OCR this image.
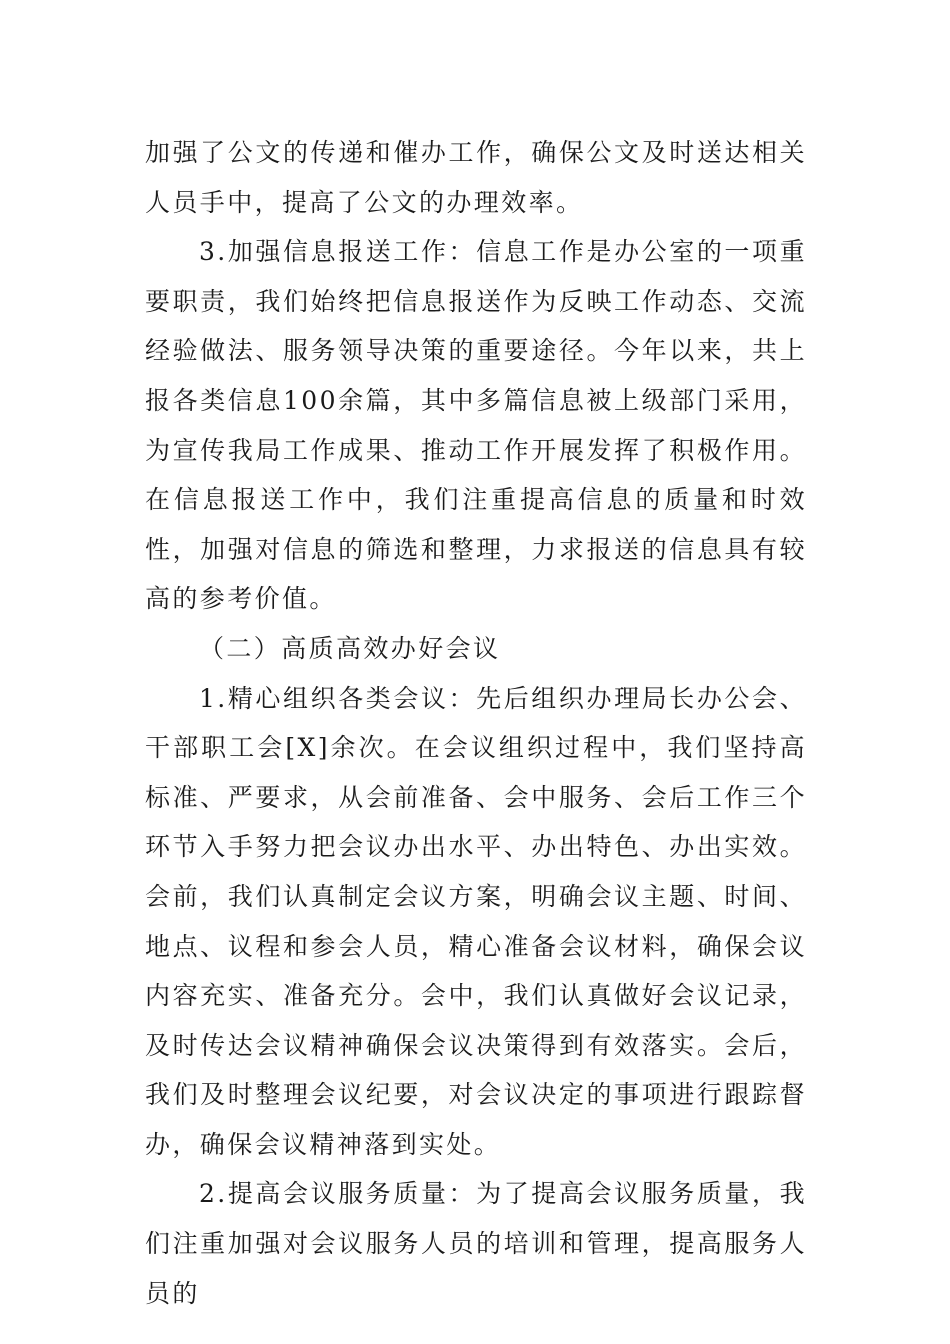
加强了公文的传递和催办工作，确保公文及时送达相关人员手中，提高了公文的办理效率。

3.加强信息报送工作：信息工作是办公室的一项重要职责，我们始终把信息报送作为反映工作动态、交流经验做法、服务领导决策的重要途径。今年以来，共上报各类信息100余篇，其中多篇信息被上级部门采用，为宣传我局工作成果、推动工作开展发挥了积极作用。在信息报送工作中，我们注重提高信息的质量和时效性，加强对信息的筛选和整理，力求报送的信息具有较高的参考价值。

（二）高质高效办好会议

1.精心组织各类会议：先后组织办理局长办公会、干部职工会[X]余次。在会议组织过程中，我们坚持高标准、严要求，从会前准备、会中服务、会后工作三个环节入手努力把会议办出水平、办出特色、办出实效。会前，我们认真制定会议方案，明确会议主题、时间、地点、议程和参会人员，精心准备会议材料，确保会议内容充实、准备充分。会中，我们认真做好会议记录，及时传达会议精神确保会议决策得到有效落实。会后，我们及时整理会议纪要，对会议决定的事项进行跟踪督办，确保会议精神落到实处。

2.提高会议服务质量：为了提高会议服务质量，我们注重加强对会议服务人员的培训和管理，提高服务人员的
